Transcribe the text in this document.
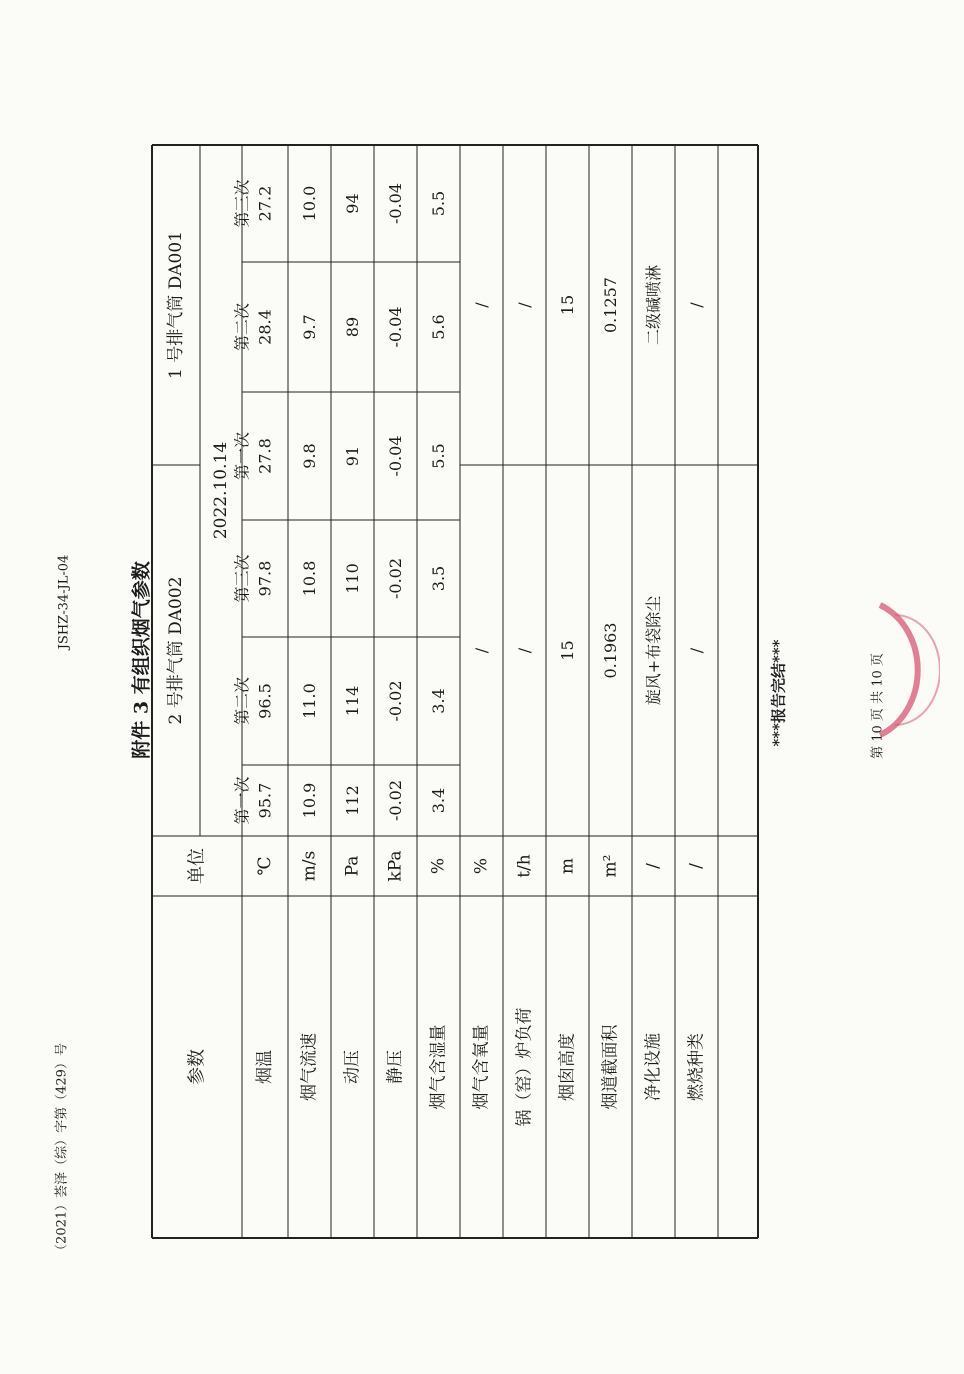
（2021）荟泽（综）字第（429）号
JSHZ-34-JL-04	附件 3 有组织烟气参数
参数
单位
2 号排气筒 DA002
1 号排气筒 DA001
2022.10.14
第三次
第二次
第一次
第三次
第二次
第一次
烟温
℃
95.7
96.5
97.8
27.8
28.4
27.2
烟气流速
m/s
10.9
11.0
10.8
9.8
9.7
10.0
动压
Pa
112
114
110
91
89
94
静压
kPa
-0.02
-0.02
-0.02
-0.04
-0.04
-0.04
烟气含湿量
%
3.4
3.4
3.5
5.5
5.6
5.5
烟气含氧量
%
/
/
锅（窑）炉负荷
t/h
/
/
烟囱高度
m
15
15
烟道截面积
m²
0.1963
0.1257
净化设施
/
旋风+布袋除尘
二级碱喷淋
燃烧种类
/
/
/
***报告完结***	第 10 页 共 10 页
